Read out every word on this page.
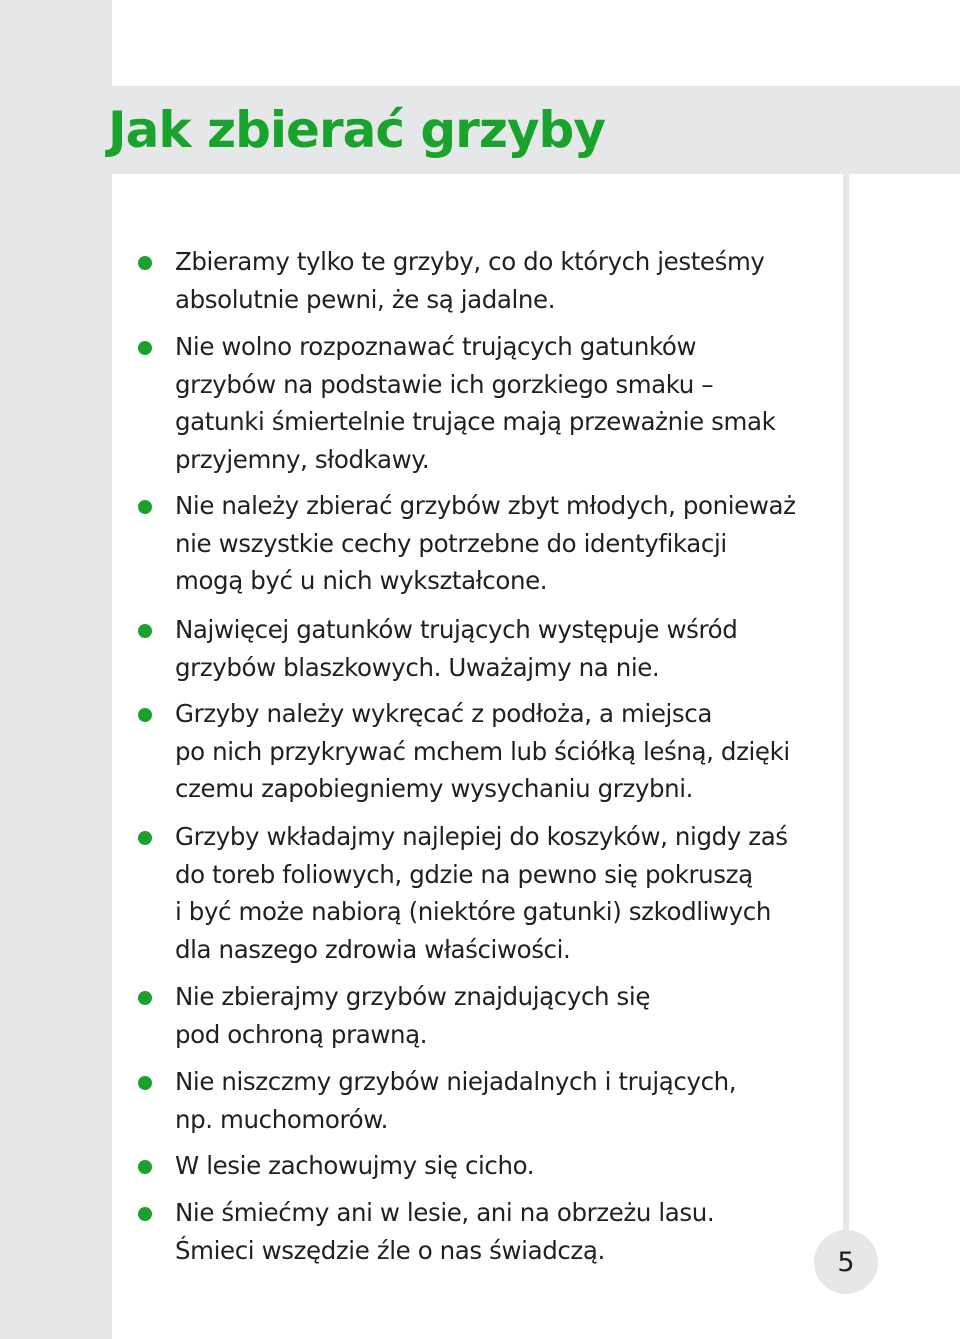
Jak zbierać grzyby
Zbieramy tylko te grzyby, co do których jesteśmy
absolutnie pewni, że są jadalne.
Nie wolno rozpoznawać trujących gatunków
grzybów na podstawie ich gorzkiego smaku –
gatunki śmiertelnie trujące mają przeważnie smak
przyjemny, słodkawy.
Nie należy zbierać grzybów zbyt młodych, ponieważ
nie wszystkie cechy potrzebne do identyfikacji
mogą być u nich wykształcone.
Najwięcej gatunków trujących występuje wśród
grzybów blaszkowych. Uważajmy na nie.
Grzyby należy wykręcać z podłoża, a miejsca
po nich przykrywać mchem lub ściółką leśną, dzięki
czemu zapobiegniemy wysychaniu grzybni.
Grzyby wkładajmy najlepiej do koszyków, nigdy zaś
do toreb foliowych, gdzie na pewno się pokruszą
i być może nabiorą (niektóre gatunki) szkodliwych
dla naszego zdrowia właściwości.
Nie zbierajmy grzybów znajdujących się
pod ochroną prawną.
Nie niszczmy grzybów niejadalnych i trujących,
np. muchomorów.
W lesie zachowujmy się cicho.
Nie śmiećmy ani w lesie, ani na obrzeżu lasu.
Śmieci wszędzie źle o nas świadczą.	5
